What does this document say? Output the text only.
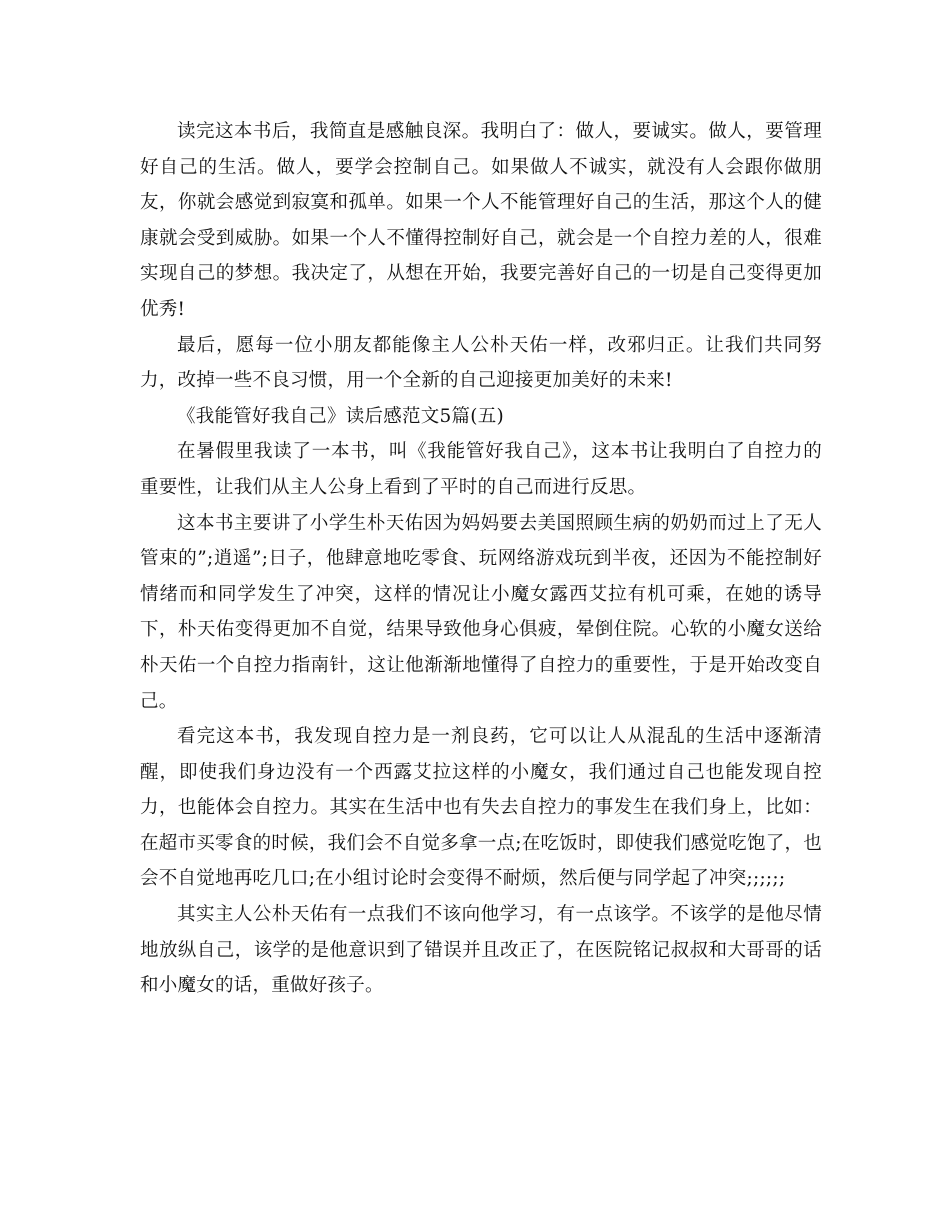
读完这本书后，我简直是感触良深。我明白了：做人，要诚实。做人，要管理好自己的生活。做人，要学会控制自己。如果做人不诚实，就没有人会跟你做朋友，你就会感觉到寂寞和孤单。如果一个人不能管理好自己的生活，那这个人的健康就会受到威胁。如果一个人不懂得控制好自己，就会是一个自控力差的人，很难实现自己的梦想。我决定了，从想在开始，我要完善好自己的一切是自己变得更加优秀!

最后，愿每一位小朋友都能像主人公朴天佑一样，改邪归正。让我们共同努力，改掉一些不良习惯，用一个全新的自己迎接更加美好的未来!

《我能管好我自己》读后感范文5篇(五)

在暑假里我读了一本书，叫《我能管好我自己》，这本书让我明白了自控力的重要性，让我们从主人公身上看到了平时的自己而进行反思。

这本书主要讲了小学生朴天佑因为妈妈要去美国照顾生病的奶奶而过上了无人管束的”;逍遥”;日子，他肆意地吃零食、玩网络游戏玩到半夜，还因为不能控制好情绪而和同学发生了冲突，这样的情况让小魔女露西艾拉有机可乘，在她的诱导下，朴天佑变得更加不自觉，结果导致他身心俱疲，晕倒住院。心软的小魔女送给朴天佑一个自控力指南针，这让他渐渐地懂得了自控力的重要性，于是开始改变自己。

看完这本书，我发现自控力是一剂良药，它可以让人从混乱的生活中逐渐清醒，即使我们身边没有一个西露艾拉这样的小魔女，我们通过自己也能发现自控力，也能体会自控力。其实在生活中也有失去自控力的事发生在我们身上，比如：在超市买零食的时候，我们会不自觉多拿一点;在吃饭时，即使我们感觉吃饱了，也会不自觉地再吃几口;在小组讨论时会变得不耐烦，然后便与同学起了冲突;;;;;;

其实主人公朴天佑有一点我们不该向他学习，有一点该学。不该学的是他尽情地放纵自己，该学的是他意识到了错误并且改正了，在医院铭记叔叔和大哥哥的话和小魔女的话，重做好孩子。
